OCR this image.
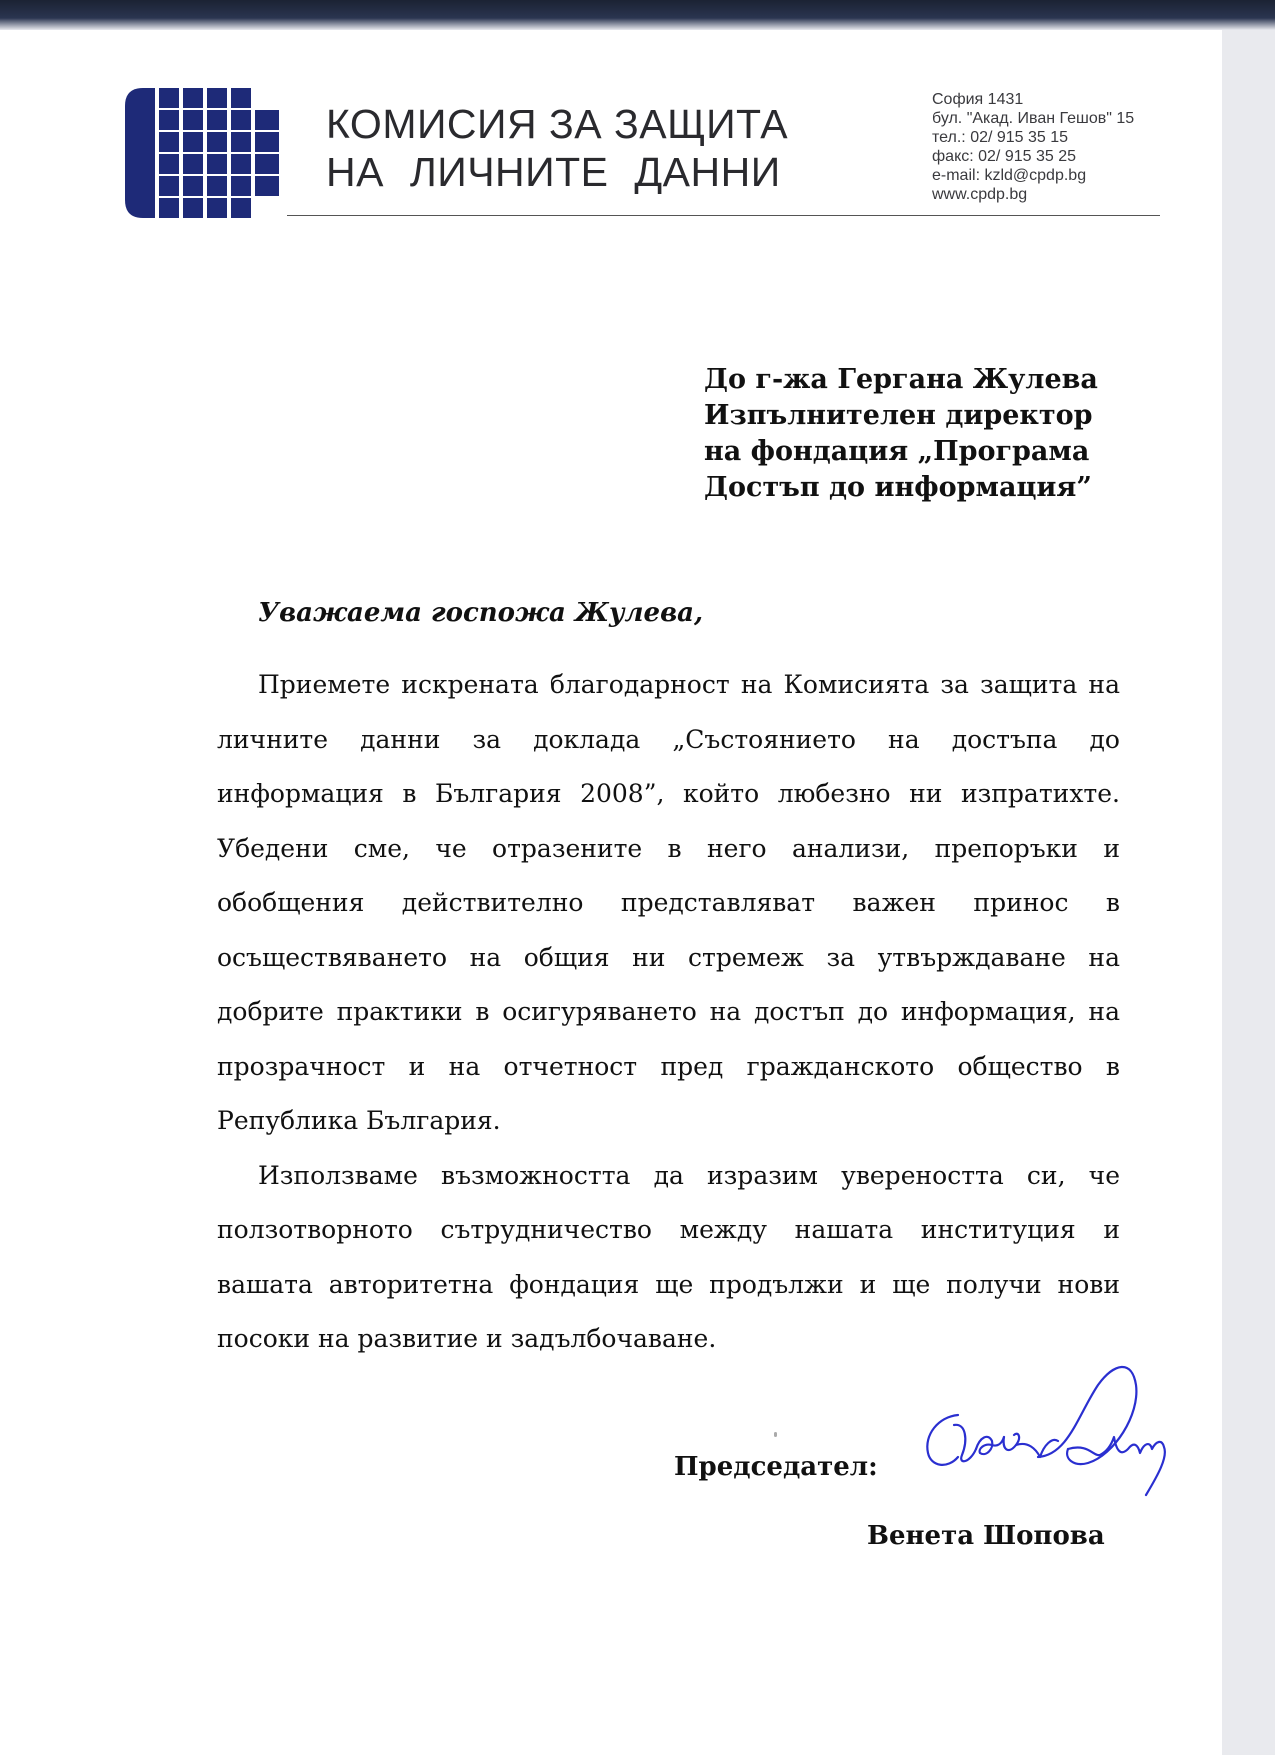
КОМИСИЯ ЗА ЗАЩИТА
НА ЛИЧНИТЕ ДАННИ
София 1431
бул. "Акад. Иван Гешов" 15
тел.: 02/ 915 35 15
факс: 02/ 915 35 25
e-mail: kzld@cpdp.bg
www.cpdp.bg
До г-жа Гергана Жулева
Изпълнителен директор
на фондация „Програма
Достъп до информация”
Уважаема госпожа Жулева,

Приемете искрената благодарност на Комисията за защита на личните данни за доклада „Състоянието на достъпа до информация в България 2008”, който любезно ни изпратихте. Убедени сме, че отразените в него анализи, препоръки и обобщения действително представляват важен принос в осъществяването на общия ни стремеж за утвърждаване на добрите практики в осигуряването на достъп до информация, на прозрачност и на отчетност пред гражданското общество в Република България.

Използваме възможността да изразим увереността си, че ползотворното сътрудничество между нашата институция и вашата авторитетна фондация ще продължи и ще получи нови посоки на развитие и задълбочаване.

Председател:
Венета Шопова
